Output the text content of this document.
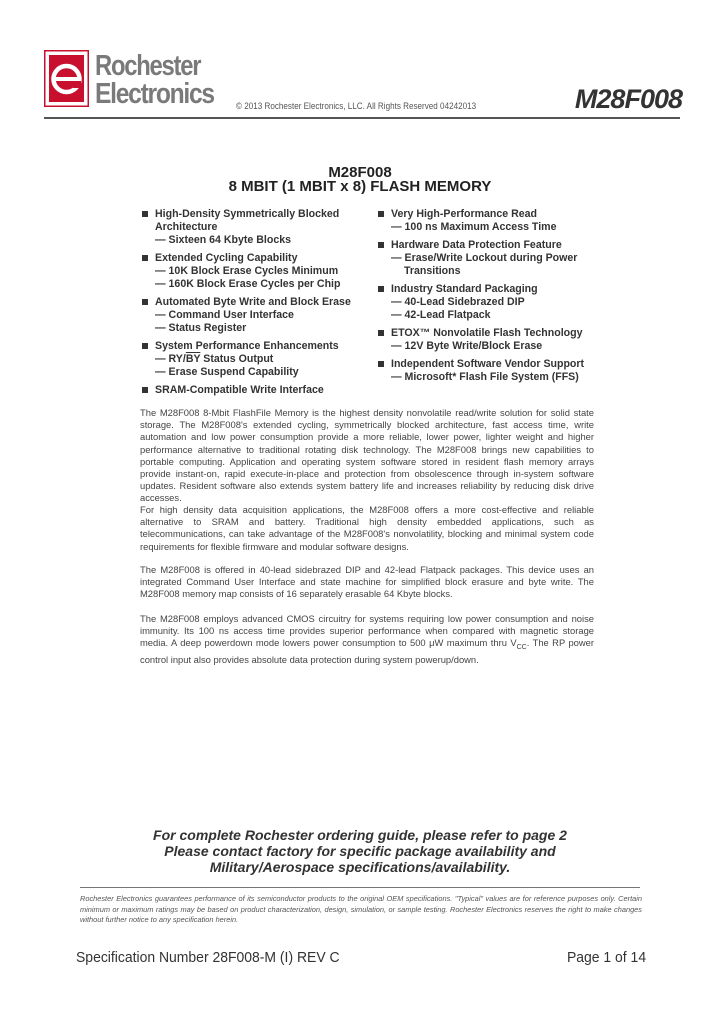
Rochester
Electronics © 2013 Rochester Electronics, LLC. All Rights Reserved 04242013	M28F008
M28F008
8 MBIT (1 MBIT x 8) FLASH MEMORY
High-Density Symmetrically Blocked
Architecture
— Sixteen 64 Kbyte Blocks
Extended Cycling Capability
— 10K Block Erase Cycles Minimum
— 160K Block Erase Cycles per Chip
Automated Byte Write and Block Erase
— Command User Interface
— Status Register
System Performance Enhancements
— $RY/\overline{BY}$ Status Output
— Erase Suspend Capability
SRAM-Compatible Write Interface
Very High-Performance Read
— 100 ns Maximum Access Time
Hardware Data Protection Feature
— Erase/Write Lockout during Power
Transitions
Industry Standard Packaging
— 40-Lead Sidebrazed DIP
— 42-Lead Flatpack
ETOX™ Nonvolatile Flash Technology
— 12V Byte Write/Block Erase
Independent Software Vendor Support
— Microsoft* Flash File System (FFS)
The M28F008 8-Mbit FlashFile Memory is the highest density nonvolatile read/write solution for solid state storage. The M28F008's extended cycling, symmetrically blocked architecture, fast access time, write automation and low power consumption provide a more reliable, lower power, lighter weight and higher performance alternative to traditional rotating disk technology. The M28F008 brings new capabilities to portable computing. Application and operating system software stored in resident flash memory arrays provide instant-on, rapid execute-in-place and protection from obsolescence through in-system software updates. Resident software also extends system battery life and increases reliability by reducing disk drive accesses.
For high density data acquisition applications, the M28F008 offers a more cost-effective and reliable alternative to SRAM and battery. Traditional high density embedded applications, such as telecommunications, can take advantage of the M28F008's nonvolatility, blocking and minimal system code requirements for flexible firmware and modular software designs.
The M28F008 is offered in 40-lead sidebrazed DIP and 42-lead Flatpack packages. This device uses an integrated Command User Interface and state machine for simplified block erasure and byte write. The M28F008 memory map consists of 16 separately erasable 64 Kbyte blocks.
The M28F008 employs advanced CMOS circuitry for systems requiring low power consumption and noise immunity. Its 100 ns access time provides superior performance when compared with magnetic storage media. A deep powerdown mode lowers power consumption to 500 μW maximum thru $V_{CC}$. The RP power control input also provides absolute data protection during system powerup/down.
For complete Rochester ordering guide, please refer to page 2
Please contact factory for specific package availability and
Military/Aerospace specifications/availability.
Rochester Electronics guarantees performance of its semiconductor products to the original OEM specifications. "Typical" values are for reference purposes only. Certain minimum or maximum ratings may be based on product characterization, design, simulation, or sample testing. Rochester Electronics reserves the right to make changes without further notice to any specification herein.
Specification Number 28F008-M (I) REV C	Page 1 of 14
